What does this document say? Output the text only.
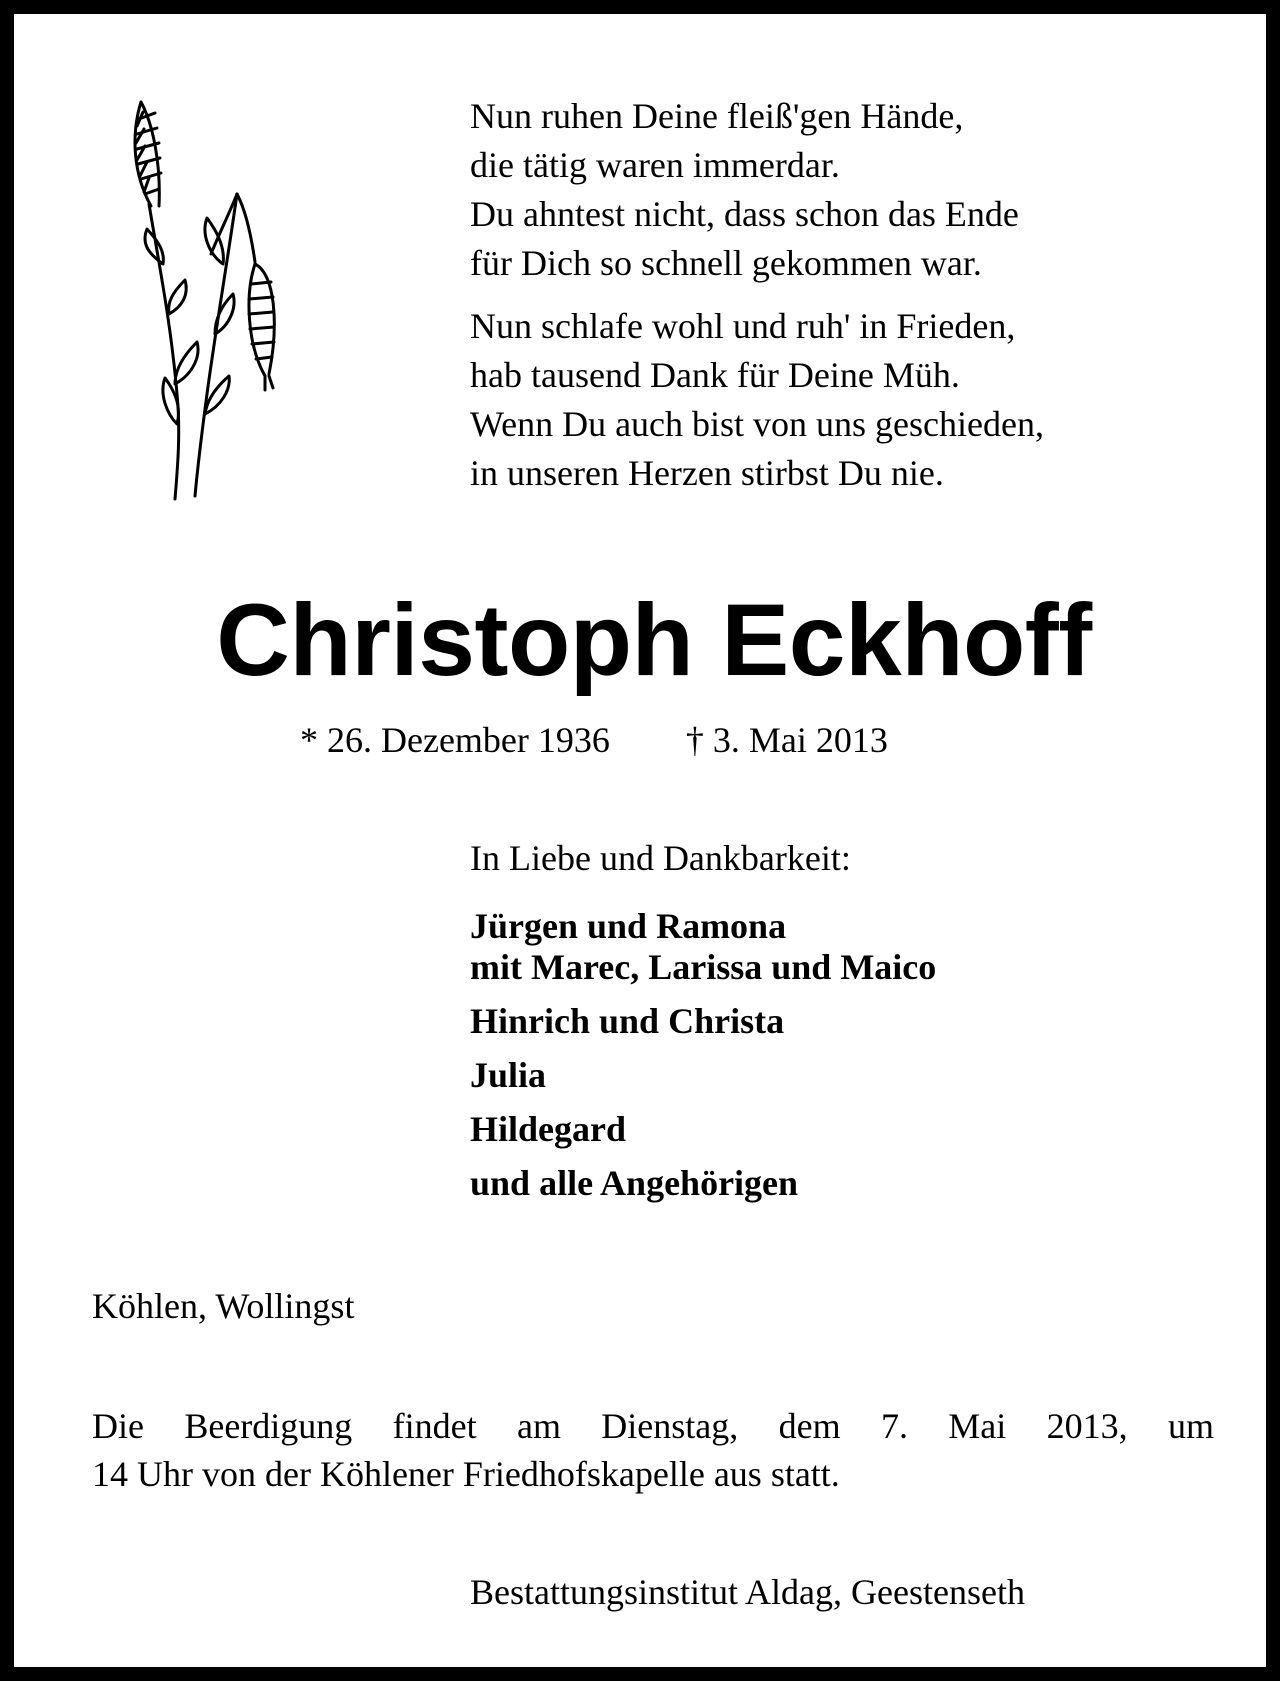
Nun ruhen Deine fleiß'gen Hände,
die tätig waren immerdar.
Du ahntest nicht, dass schon das Ende
für Dich so schnell gekommen war.
Nun schlafe wohl und ruh' in Frieden,
hab tausend Dank für Deine Müh.
Wenn Du auch bist von uns geschieden,
in unseren Herzen stirbst Du nie.
Christoph Eckhoff
* 26. Dezember 1936 † 3. Mai 2013
In Liebe und Dankbarkeit:
Jürgen und Ramona
mit Marec, Larissa und Maico
Hinrich und Christa
Julia
Hildegard
und alle Angehörigen
Köhlen, Wollingst
Die Beerdigung findet am Dienstag, dem 7. Mai 2013, um
14 Uhr von der Köhlener Friedhofskapelle aus statt.
Bestattungsinstitut Aldag, Geestenseth
